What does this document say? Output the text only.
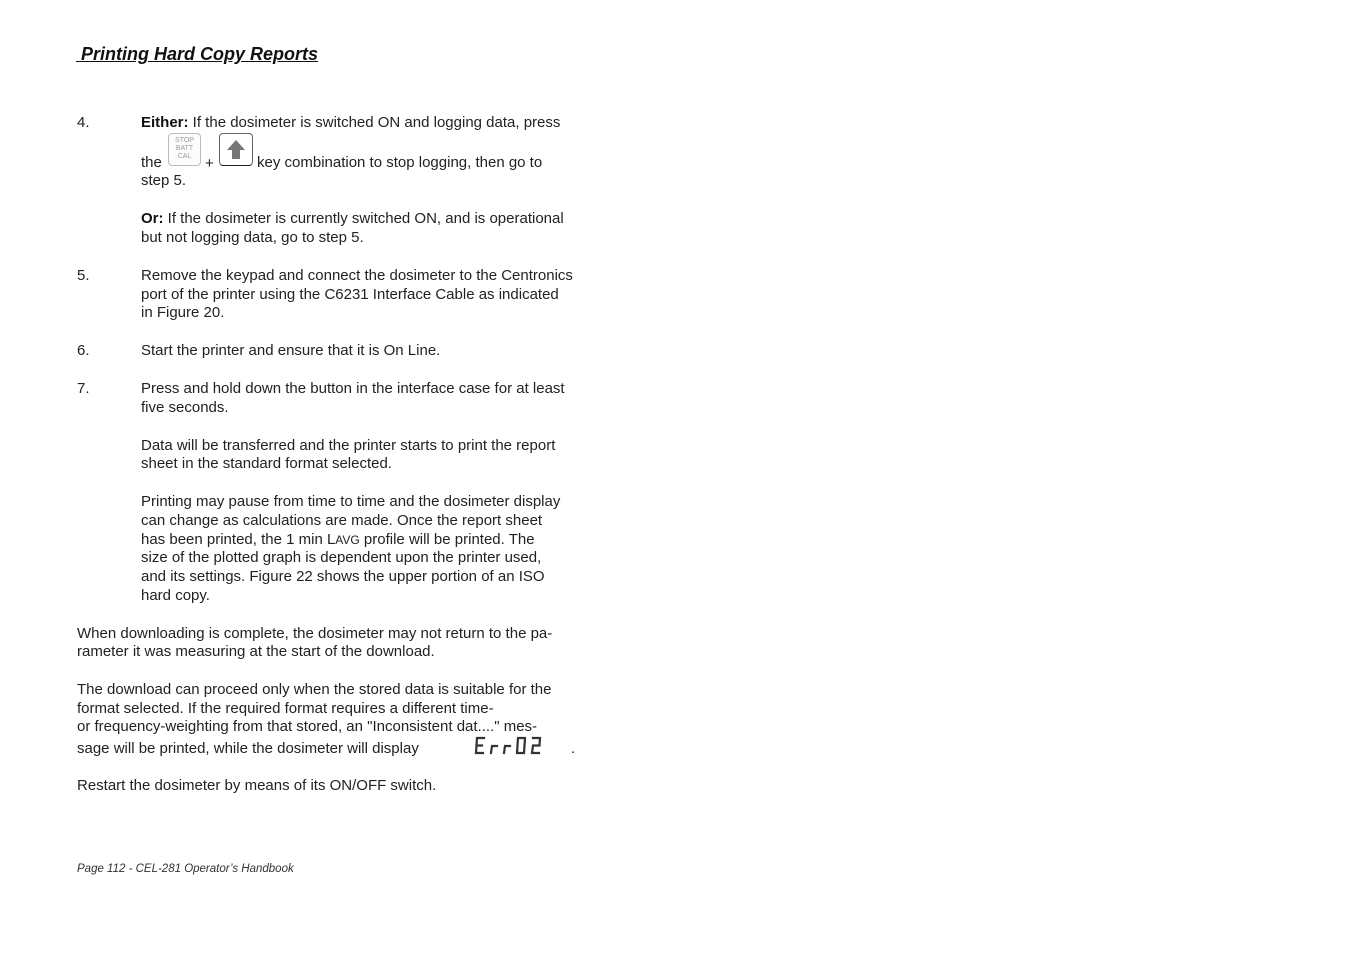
Printing Hard Copy Reports

4.	Either: If the dosimeter is switched ON and logging data, press

the

STOP
BATT
CAL +	key combination to stop logging, then go to

step 5.

Or: If the dosimeter is currently switched ON, and is operational

but not logging data, go to step 5.

5.	Remove the keypad and connect the dosimeter to the Centronics

port of the printer using the C6231 Interface Cable as indicated

in Figure 20.

6.	Start the printer and ensure that it is On Line.

7.	Press and hold down the button in the interface case for at least

five seconds.

Data will be transferred and the printer starts to print the report

sheet in the standard format selected.

Printing may pause from time to time and the dosimeter display

can change as calculations are made. Once the report sheet

has been printed, the 1 min LAVG profile will be printed. The

size of the plotted graph is dependent upon the printer used,

and its settings. Figure 22 shows the upper portion of an ISO

hard copy.

When downloading is complete, the dosimeter may not return to the pa-

rameter it was measuring at the start of the download.

The download can proceed only when the stored data is suitable for the

format selected. If the required format requires a different time-

or frequency-weighting from that stored, an "Inconsistent dat...." mes-

sage will be printed, while the dosimeter will display	.

Restart the dosimeter by means of its ON/OFF switch.

Page 112 - CEL-281 Operator’s Handbook
